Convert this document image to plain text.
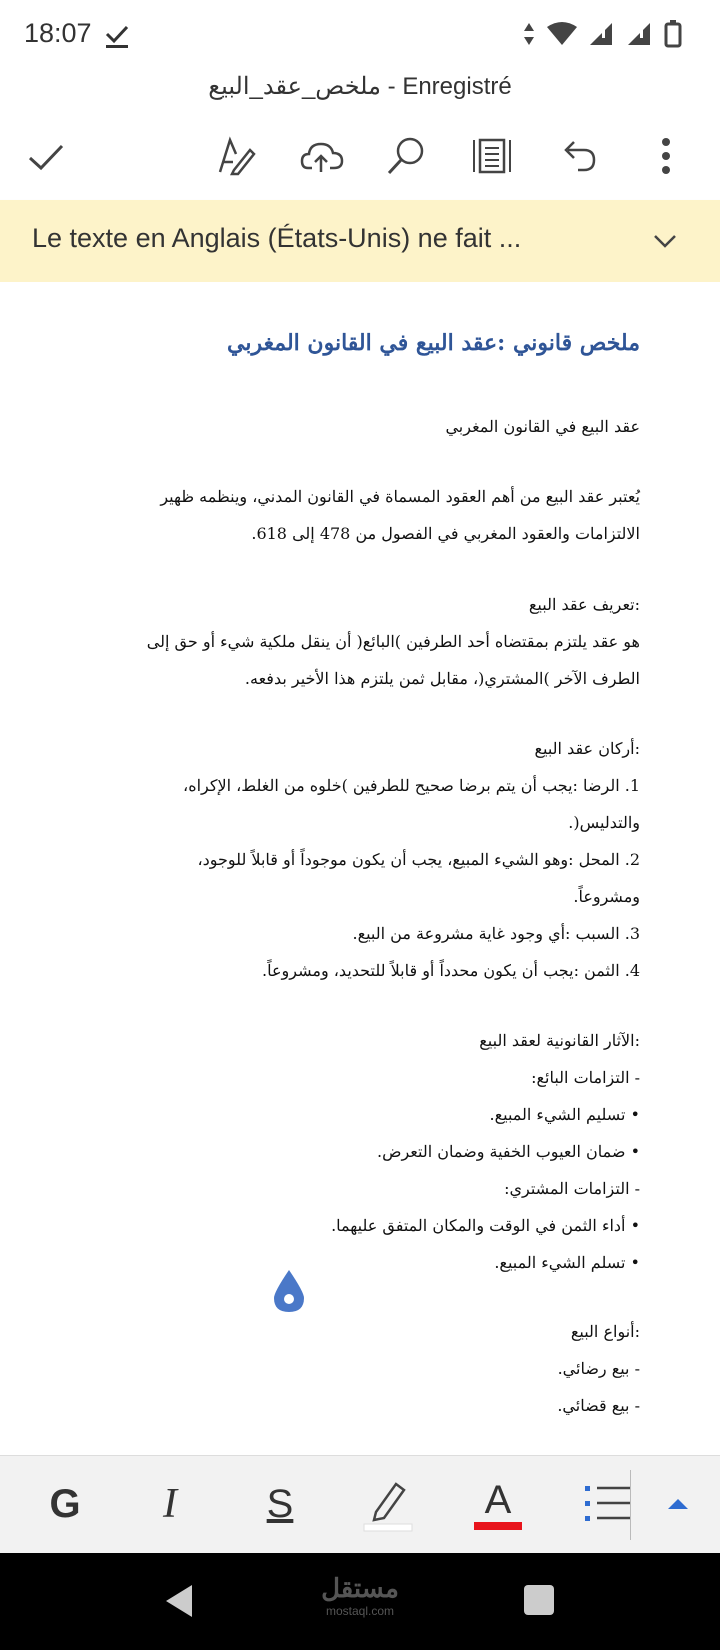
18:07
ملخص_عقد_البيع - Enregistré
Le texte en Anglais (États-Unis) ne fait ...
ملخص قانوني :عقد البيع في القانون المغربي
عقد البيع في القانون المغربي
يُعتبر عقد البيع من أهم العقود المسماة في القانون المدني، وينظمه ظهير
الالتزامات والعقود المغربي في الفصول من 478 إلى 618.
:تعريف عقد البيع
هو عقد يلتزم بمقتضاه أحد الطرفين )البائع( أن ينقل ملكية شيء أو حق إلى
الطرف الآخر )المشتري(، مقابل ثمن يلتزم هذا الأخير بدفعه.
:أركان عقد البيع
1. الرضا :يجب أن يتم برضا صحيح للطرفين )خلوه من الغلط، الإكراه،
والتدليس(.
2. المحل :وهو الشيء المبيع، يجب أن يكون موجوداً أو قابلاً للوجود،
ومشروعاً.
3. السبب :أي وجود غاية مشروعة من البيع.
4. الثمن :يجب أن يكون محدداً أو قابلاً للتحديد، ومشروعاً.
:الآثار القانونية لعقد البيع
- التزامات البائع:
• تسليم الشيء المبيع.
• ضمان العيوب الخفية وضمان التعرض.
- التزامات المشتري:
• أداء الثمن في الوقت والمكان المتفق عليهما.
• تسلم الشيء المبيع.
:أنواع البيع
- بيع رضائي.
- بيع قضائي.
G I S	A
مستقل
mostaql.com
